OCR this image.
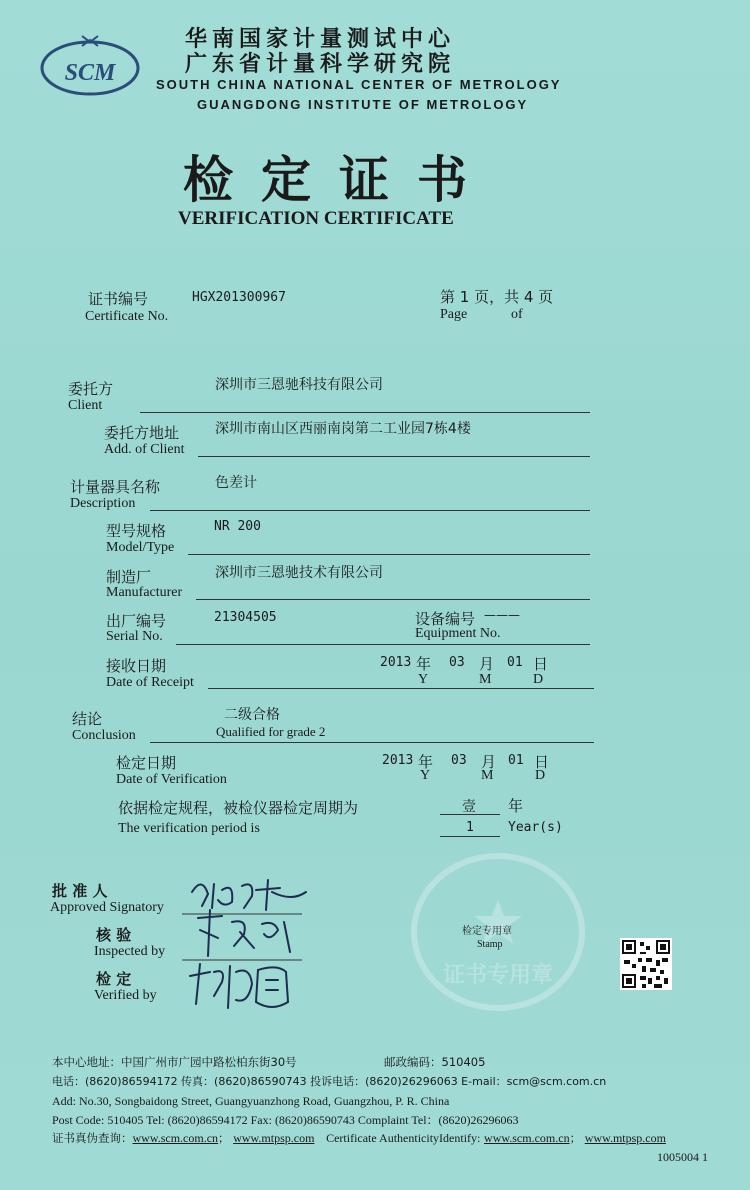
SCM
华南国家计量测试中心
广东省计量科学研究院
SOUTH CHINA NATIONAL CENTER OF METROLOGY
GUANGDONG INSTITUTE OF METROLOGY
检定证书
VERIFICATION CERTIFICATE
证书编号
Certificate No.
HGX201300967	第 1 页，共 4 页
Page	of
委托方
Client
深圳市三恩驰科技有限公司
委托方地址
Add. of Client
深圳市南山区西丽南岗第二工业园7栋4楼
计量器具名称
Description
色差计
型号规格
Model/Type
NR 200
制造厂
Manufacturer
深圳市三恩驰技术有限公司
出厂编号
Serial No.
21304505	设备编号
Equipment No.
———
接收日期
Date of Receipt
2013 年 03 月 01 日
Y	M	D
结论
Conclusion
二级合格
Qualified for grade 2
检定日期
Date of Verification
2013 年 03 月 01 日
Y	M	D
依据检定规程，被检仪器检定周期为
The verification period is
壹 年
1	Year(s)
批 准 人
Approved Signatory
核 验
Inspected by
检 定
Verified by
证书专用章
检定专用章
Stamp
本中心地址：中国广州市广园中路松柏东街30号	邮政编码：510405
电话：(8620)86594172 传真：(8620)86590743 投诉电话：(8620)26296063 E-mail：scm@scm.com.cn
Add: No.30, Songbaidong Street, Guangyuanzhong Road, Guangzhou, P. R. China
Post Code: 510405 Tel: (8620)86594172 Fax: (8620)86590743 Complaint Tel：(8620)26296063
证书真伪查询：www.scm.com.cn； www.mtpsp.com Certificate AuthenticityIdentify: www.scm.com.cn； www.mtpsp.com
1005004 1
